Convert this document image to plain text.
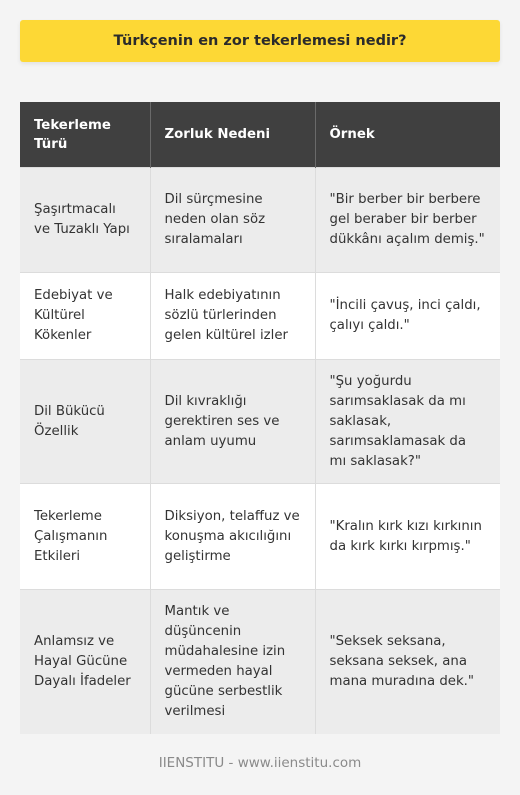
Türkçenin en zor tekerlemesi nedir?
Tekerleme Türü	Zorluk Nedeni	Örnek
Şaşırtmacalı ve Tuzaklı Yapı	Dil sürçmesine neden olan söz sıralamaları	"Bir berber bir berbere gel beraber bir berber dükkânı açalım demiş."
Edebiyat ve Kültürel Kökenler	Halk edebiyatının sözlü türlerinden gelen kültürel izler	"İncili çavuş, inci çaldı, çalıyı çaldı."
Dil Bükücü Özellik	Dil kıvraklığı gerektiren ses ve anlam uyumu	"Şu yoğurdu sarımsaklasak da mı saklasak, sarımsaklamasak da mı saklasak?"
Tekerleme Çalışmanın Etkileri	Diksiyon, telaffuz ve konuşma akıcılığını geliştirme	"Kralın kırk kızı kırkının da kırk kırkı kırpmış."
Anlamsız ve Hayal Gücüne Dayalı İfadeler	Mantık ve düşüncenin müdahalesine izin vermeden hayal gücüne serbestlik verilmesi	"Seksek seksana, seksana seksek, ana mana muradına dek."
IIENSTITU - www.iienstitu.com
